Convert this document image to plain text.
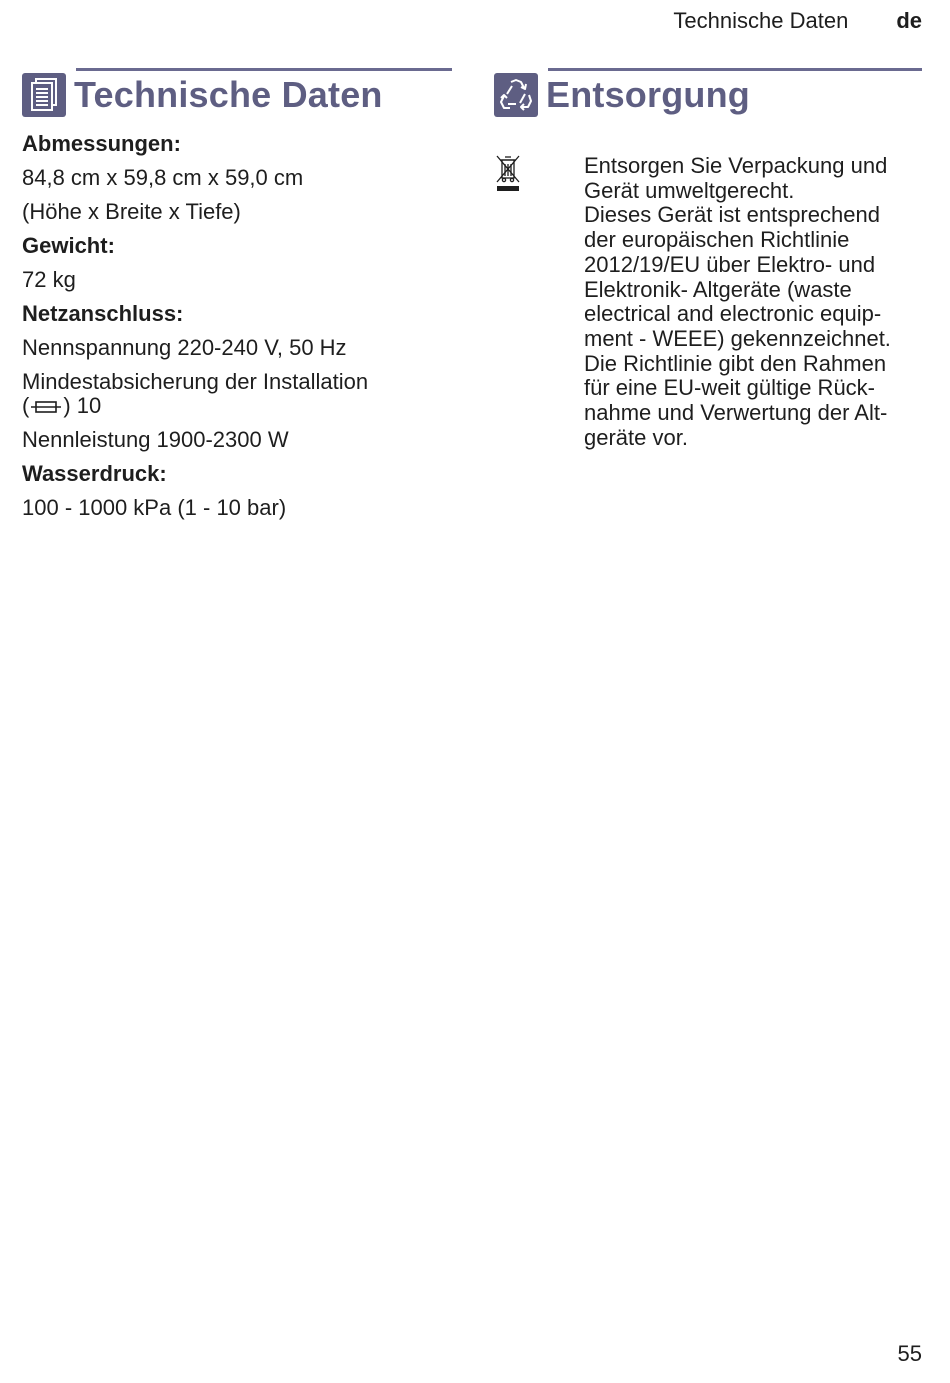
Technische Daten de
Technische Daten
Abmessungen:
84,8 cm x 59,8 cm x 59,0 cm
(Höhe x Breite x Tiefe)
Gewicht:
72 kg
Netzanschluss:
Nennspannung 220-240 V, 50 Hz
Mindestabsicherung der Installation
( ) 10
Nennleistung 1900-2300 W
Wasserdruck:
100 - 1000 kPa (1 - 10 bar)
Entsorgung

Entsorgen Sie Verpackung und
Gerät umweltgerecht.

Dieses Gerät ist entsprechend
der europäischen Richtlinie
2012/19/EU über Elektro- und
Elektronik- Altgeräte (waste
electrical and electronic equip-
ment - WEEE) gekennzeichnet.
Die Richtlinie gibt den Rahmen
für eine EU-weit gültige Rück-
nahme und Verwertung der Alt-
geräte vor.

55
